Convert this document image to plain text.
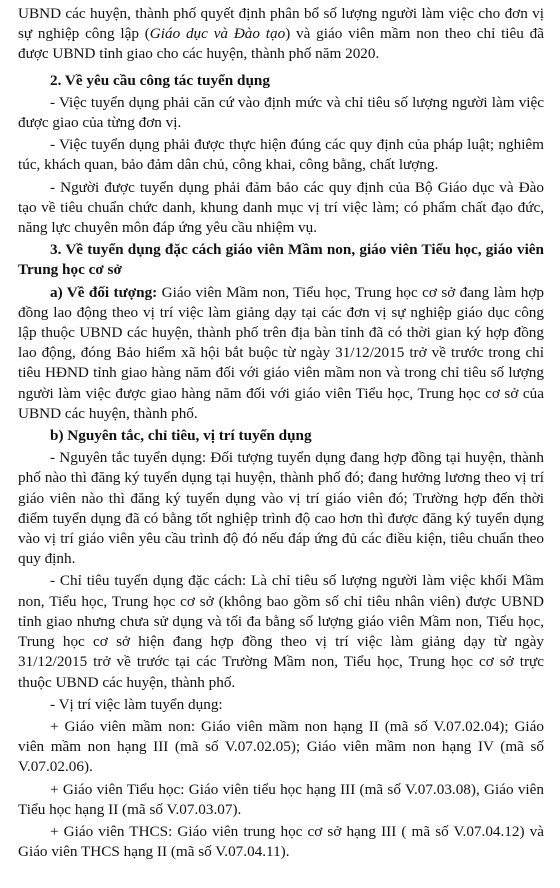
UBND các huyện, thành phố quyết định phân bổ số lượng người làm việc cho đơn vị sự nghiệp công lập (Giáo dục và Đào tạo) và giáo viên mầm non theo chỉ tiêu đã được UBND tỉnh giao cho các huyện, thành phố năm 2020.

2. Về yêu cầu công tác tuyển dụng

- Việc tuyển dụng phải căn cứ vào định mức và chỉ tiêu số lượng người làm việc được giao của từng đơn vị.

- Việc tuyển dụng phải được thực hiện đúng các quy định của pháp luật; nghiêm túc, khách quan, bảo đảm dân chủ, công khai, công bằng, chất lượng.

- Người được tuyển dụng phải đảm bảo các quy định của Bộ Giáo dục và Đào tạo về tiêu chuẩn chức danh, khung danh mục vị trí việc làm; có phẩm chất đạo đức, năng lực chuyên môn đáp ứng yêu cầu nhiệm vụ.

3. Về tuyển dụng đặc cách giáo viên Mầm non, giáo viên Tiểu học, giáo viên Trung học cơ sở

a) Về đối tượng: Giáo viên Mầm non, Tiểu học, Trung học cơ sở đang làm hợp đồng lao động theo vị trí việc làm giảng dạy tại các đơn vị sự nghiệp giáo dục công lập thuộc UBND các huyện, thành phố trên địa bàn tỉnh đã có thời gian ký hợp đồng lao động, đóng Bảo hiểm xã hội bắt buộc từ ngày 31/12/2015 trở về trước trong chỉ tiêu HĐND tỉnh giao hàng năm đối với giáo viên mầm non và trong chỉ tiêu số lượng người làm việc được giao hàng năm đối với giáo viên Tiểu học, Trung học cơ sở của UBND các huyện, thành phố.

b) Nguyên tắc, chỉ tiêu, vị trí tuyển dụng

- Nguyên tắc tuyển dụng: Đối tượng tuyển dụng đang hợp đồng tại huyện, thành phố nào thì đăng ký tuyển dụng tại huyện, thành phố đó; đang hưởng lương theo vị trí giáo viên nào thì đăng ký tuyển dụng vào vị trí giáo viên đó; Trường hợp đến thời điểm tuyển dụng đã có bằng tốt nghiệp trình độ cao hơn thì được đăng ký tuyển dụng vào vị trí giáo viên yêu cầu trình độ đó nếu đáp ứng đủ các điều kiện, tiêu chuẩn theo quy định.

- Chỉ tiêu tuyển dụng đặc cách: Là chỉ tiêu số lượng người làm việc khối Mầm non, Tiểu học, Trung học cơ sở (không bao gồm số chỉ tiêu nhân viên) được UBND tỉnh giao nhưng chưa sử dụng và tối đa bằng số lượng giáo viên Mầm non, Tiểu học, Trung học cơ sở hiện đang hợp đồng theo vị trí việc làm giảng dạy từ ngày 31/12/2015 trở về trước tại các Trường Mầm non, Tiểu học, Trung học cơ sở trực thuộc UBND các huyện, thành phố.

- Vị trí việc làm tuyển dụng:

+ Giáo viên mầm non: Giáo viên mầm non hạng II (mã số V.07.02.04); Giáo viên mầm non hạng III (mã số V.07.02.05); Giáo viên mầm non hạng IV (mã số V.07.02.06).

+ Giáo viên Tiểu học: Giáo viên tiểu học hạng III (mã số V.07.03.08), Giáo viên Tiểu học hạng II (mã số V.07.03.07).

+ Giáo viên THCS: Giáo viên trung học cơ sở hạng III ( mã số V.07.04.12) và Giáo viên THCS hạng II (mã số V.07.04.11).
